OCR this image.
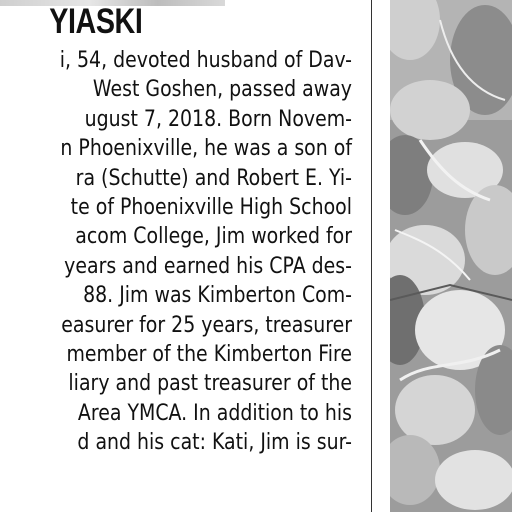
YIASKI
i, 54, devoted husband of Dav-
West Goshen, passed away
ugust 7, 2018. Born Novem-
n Phoenixville, he was a son of
ra (Schutte) and Robert E. Yi-
te of Phoenixville High School
acom College, Jim worked for
years and earned his CPA des-
88. Jim was Kimberton Com-
easurer for 25 years, treasurer
member of the Kimberton Fire
liary and past treasurer of the
Area YMCA. In addition to his
d and his cat: Kati, Jim is sur-
